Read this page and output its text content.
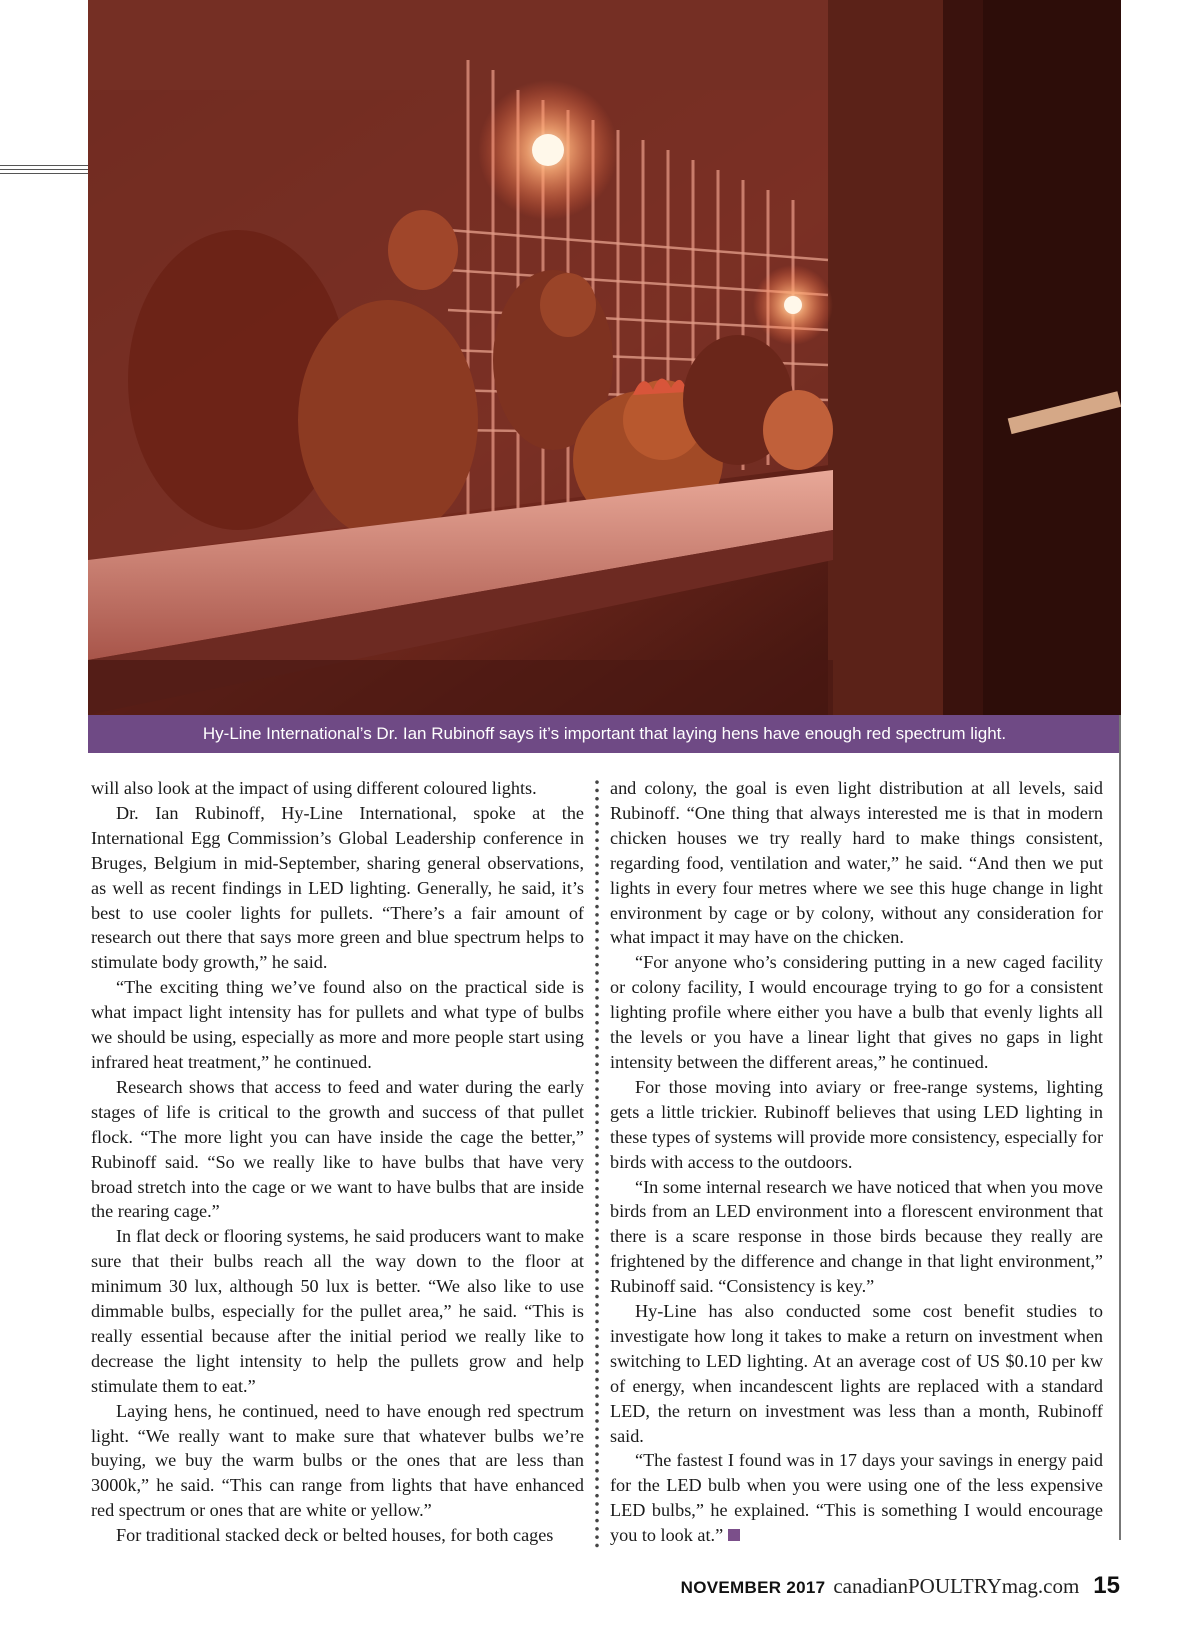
Hy-Line International’s Dr. Ian Rubinoff says it’s important that laying hens have enough red spectrum light.

will also look at the impact of using different coloured lights.

Dr. Ian Rubinoff, Hy-Line International, spoke at the International Egg Commission’s Global Leadership conference in Bruges, Belgium in mid-September, sharing general observations, as well as recent findings in LED lighting. Generally, he said, it’s best to use cooler lights for pullets. “There’s a fair amount of research out there that says more green and blue spectrum helps to stimulate body growth,” he said.

“The exciting thing we’ve found also on the practical side is what impact light intensity has for pullets and what type of bulbs we should be using, especially as more and more people start using infrared heat treatment,” he continued.

Research shows that access to feed and water during the early stages of life is critical to the growth and success of that pullet flock. “The more light you can have inside the cage the better,” Rubinoff said. “So we really like to have bulbs that have very broad stretch into the cage or we want to have bulbs that are inside the rearing cage.”

In flat deck or flooring systems, he said producers want to make sure that their bulbs reach all the way down to the floor at minimum 30 lux, although 50 lux is better. “We also like to use dimmable bulbs, especially for the pullet area,” he said. “This is really essential because after the initial period we really like to decrease the light intensity to help the pullets grow and help stimulate them to eat.”

Laying hens, he continued, need to have enough red spectrum light. “We really want to make sure that whatever bulbs we’re buying, we buy the warm bulbs or the ones that are less than 3000k,” he said. “This can range from lights that have enhanced red spectrum or ones that are white or yellow.”

For traditional stacked deck or belted houses, for both cages

and colony, the goal is even light distribution at all levels, said Rubinoff. “One thing that always interested me is that in modern chicken houses we try really hard to make things consistent, regarding food, ventilation and water,” he said. “And then we put lights in every four metres where we see this huge change in light environment by cage or by colony, without any consideration for what impact it may have on the chicken.

“For anyone who’s considering putting in a new caged facility or colony facility, I would encourage trying to go for a consistent lighting profile where either you have a bulb that evenly lights all the levels or you have a linear light that gives no gaps in light intensity between the different areas,” he continued.

For those moving into aviary or free-range systems, lighting gets a little trickier. Rubinoff believes that using LED lighting in these types of systems will provide more consistency, especially for birds with access to the outdoors.

“In some internal research we have noticed that when you move birds from an LED environment into a florescent environment that there is a scare response in those birds because they really are frightened by the difference and change in that light environment,” Rubinoff said. “Consistency is key.”

Hy-Line has also conducted some cost benefit studies to investigate how long it takes to make a return on investment when switching to LED lighting. At an average cost of US $0.10 per kw of energy, when incandescent lights are replaced with a standard LED, the return on investment was less than a month, Rubinoff said.

“The fastest I found was in 17 days your savings in energy paid for the LED bulb when you were using one of the less expensive LED bulbs,” he explained. “This is something I would encourage you to look at.”

NOVEMBER 2017 canadianPOULTRYmag.com 15
